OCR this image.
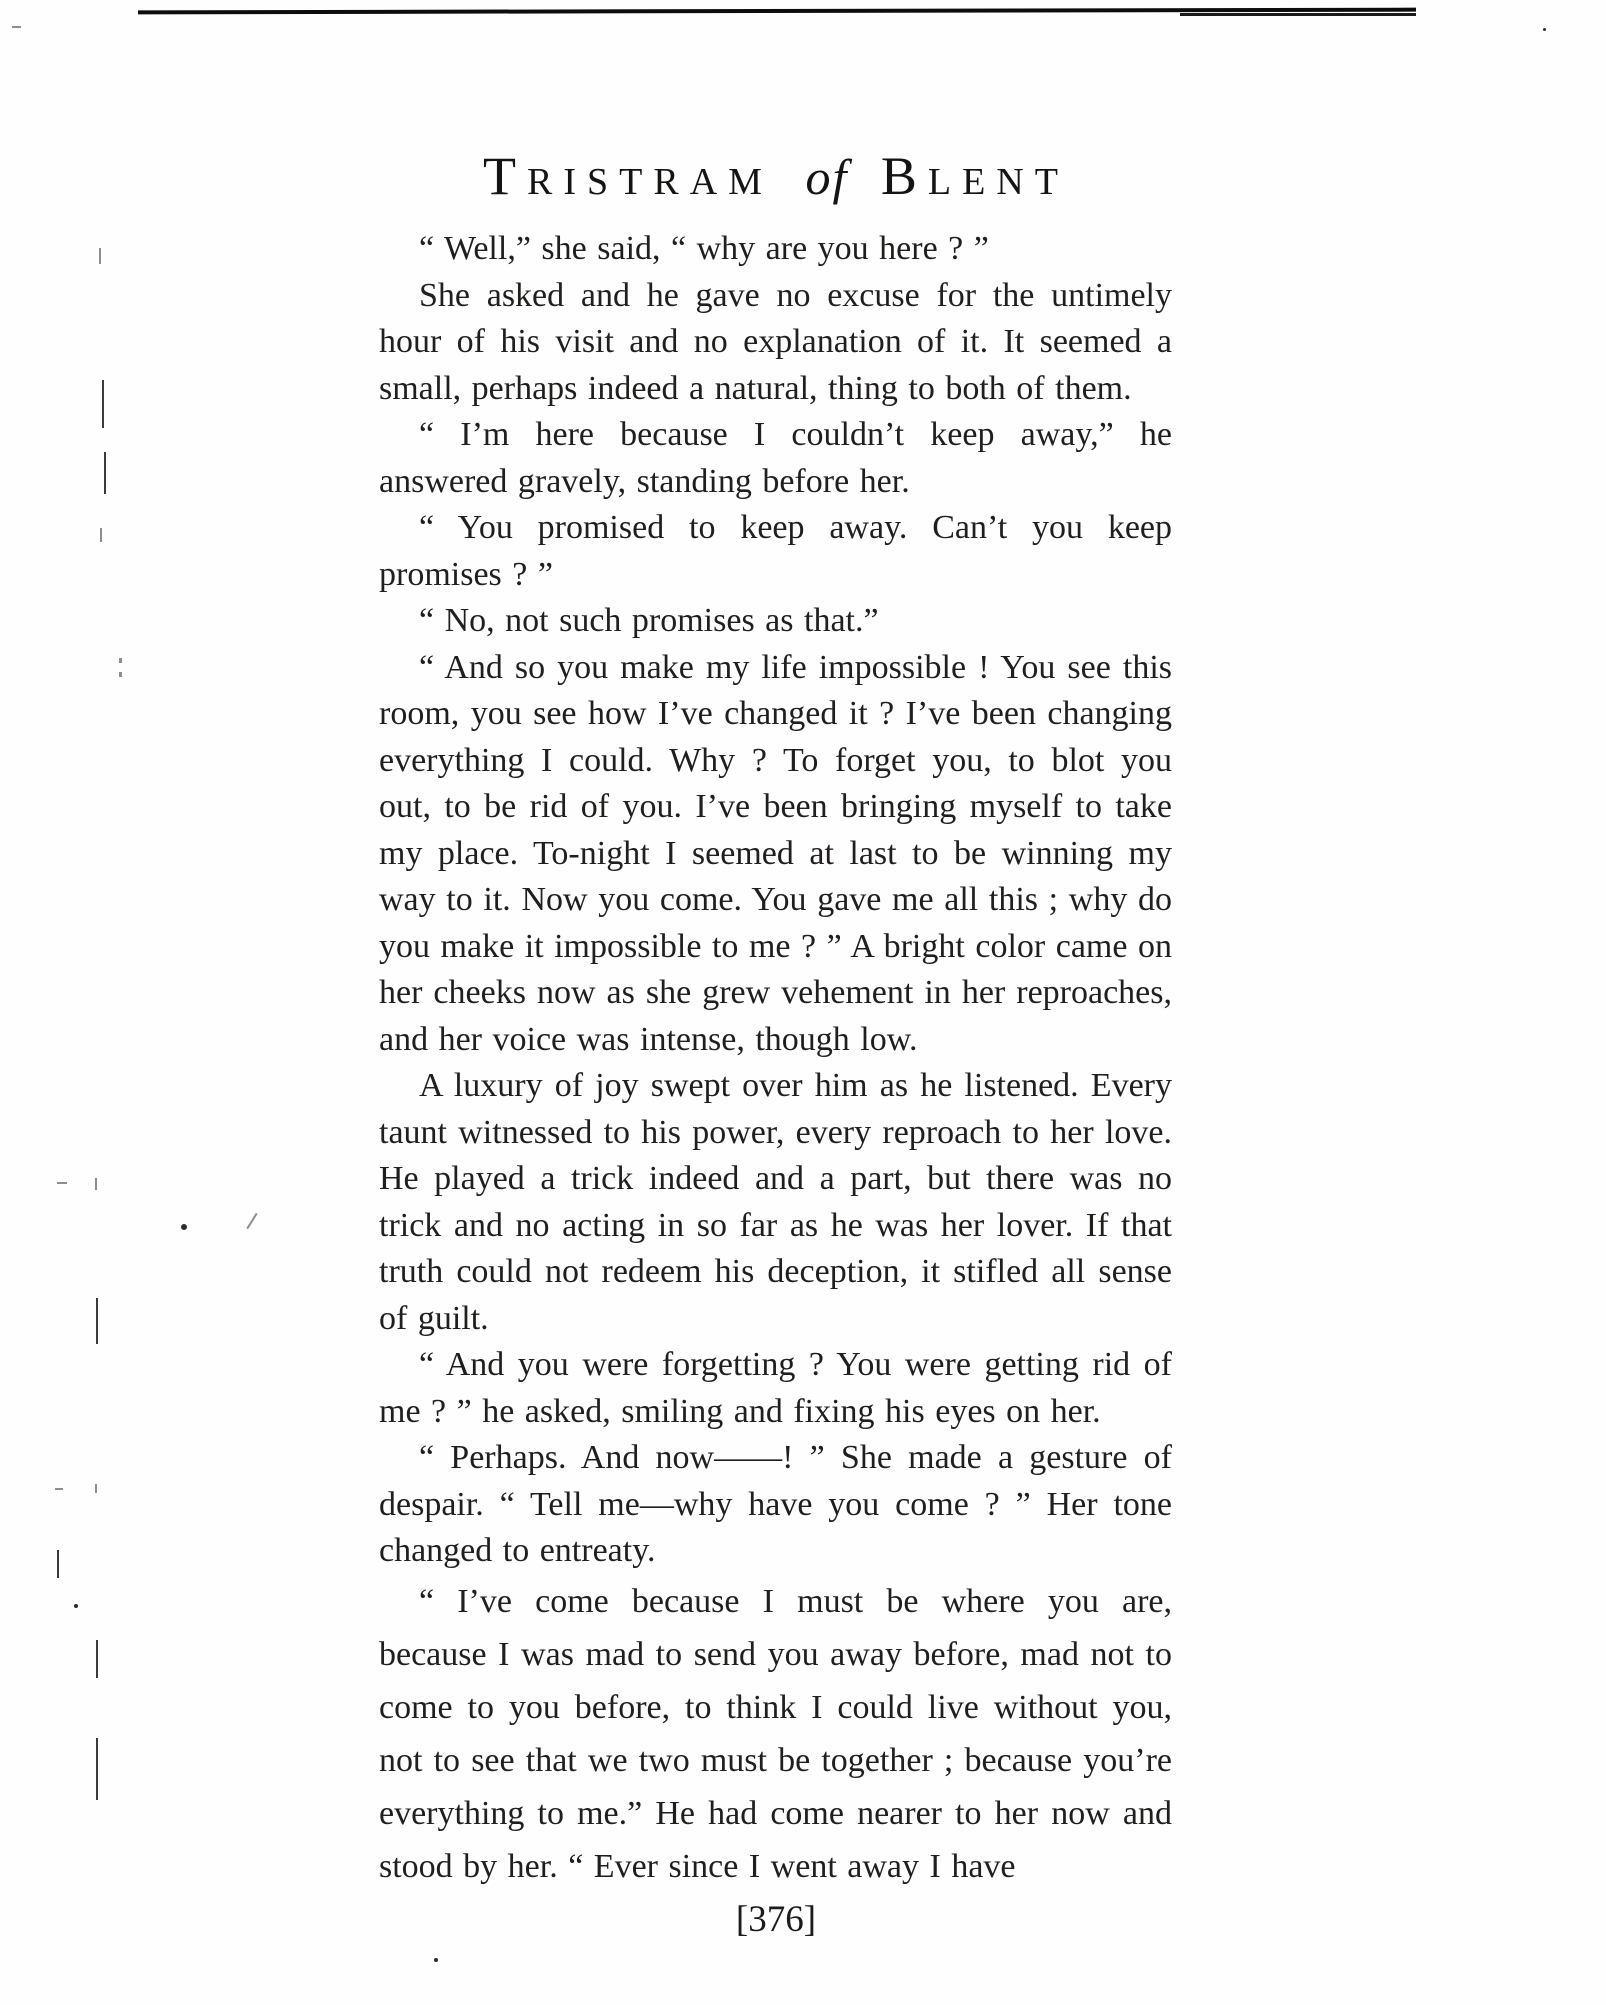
Tristram of Blent

“ Well,” she said, “ why are you here ? ”

She asked and he gave no excuse for the untimely hour of his visit and no explanation of it. It seemed a small, perhaps indeed a natural, thing to both of them.

“ I’m here because I couldn’t keep away,” he answered gravely, standing before her.

“ You promised to keep away. Can’t you keep promises ? ”

“ No, not such promises as that.”

“ And so you make my life impossible ! You see this room, you see how I’ve changed it ? I’ve been changing everything I could. Why ? To forget you, to blot you out, to be rid of you. I’ve been bringing myself to take my place. To-night I seemed at last to be winning my way to it. Now you come. You gave me all this ; why do you make it impossible to me ? ” A bright color came on her cheeks now as she grew vehement in her reproaches, and her voice was intense, though low.

A luxury of joy swept over him as he listened. Every taunt witnessed to his power, every reproach to her love. He played a trick indeed and a part, but there was no trick and no acting in so far as he was her lover. If that truth could not redeem his deception, it stifled all sense of guilt.

“ And you were forgetting ? You were getting rid of me ? ” he asked, smiling and fixing his eyes on her.

“ Perhaps. And now——! ” She made a gesture of despair. “ Tell me—why have you come ? ” Her tone changed to entreaty.

“ I’ve come because I must be where you are, because I was mad to send you away before, mad not to come to you before, to think I could live without you, not to see that we two must be together ; because you’re everything to me.” He had come nearer to her now and stood by her. “ Ever since I went away I have

[376]
